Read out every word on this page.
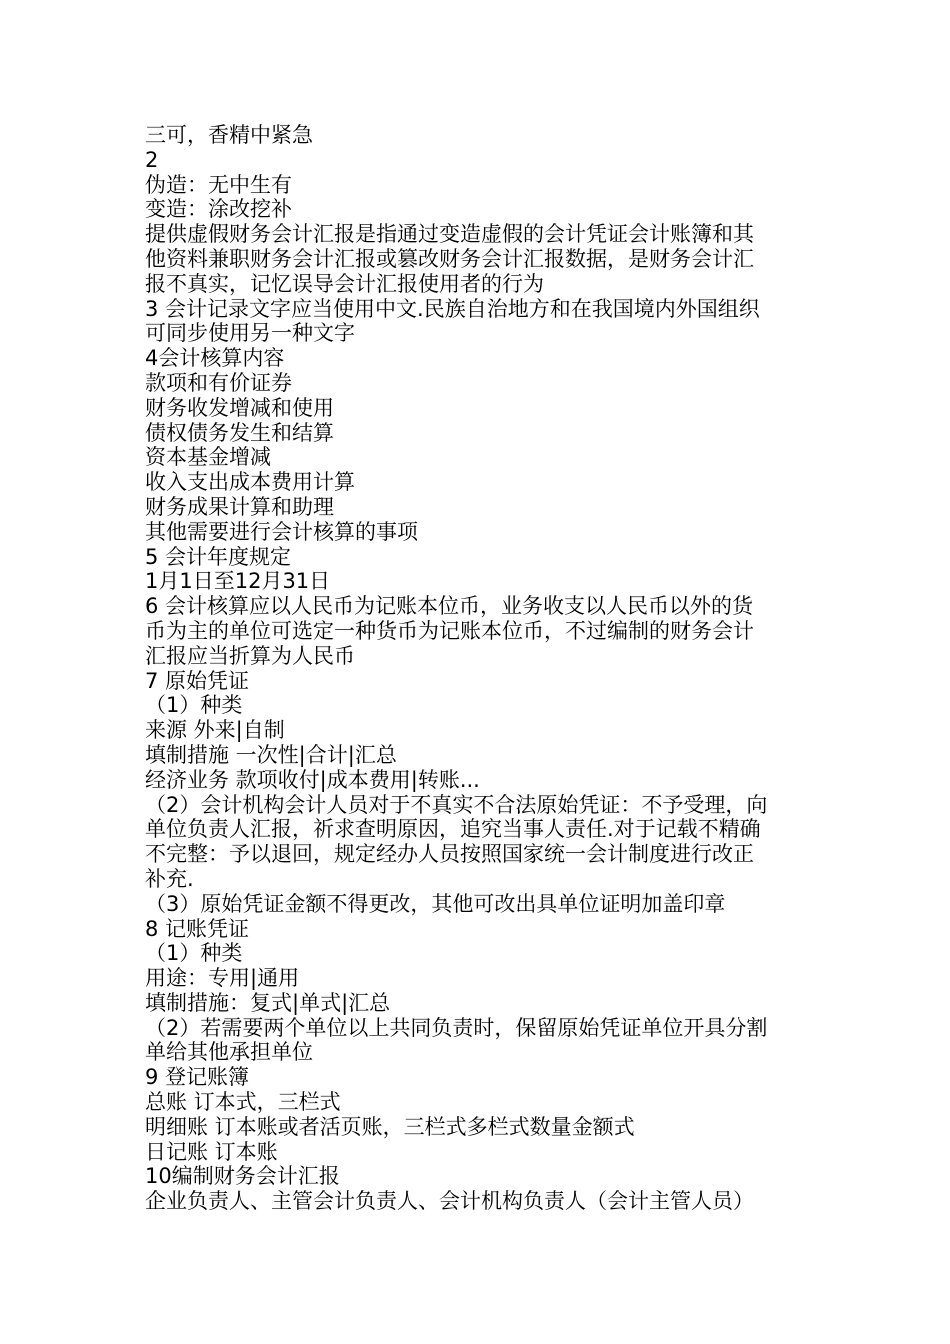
三可，香精中紧急
2
伪造：无中生有
变造：涂改挖补
提供虚假财务会计汇报是指通过变造虚假的会计凭证会计账簿和其
他资料兼职财务会计汇报或篡改财务会计汇报数据，是财务会计汇
报不真实，记忆误导会计汇报使用者的行为
3 会计记录文字应当使用中文.民族自治地方和在我国境内外国组织
可同步使用另一种文字
4会计核算内容
款项和有价证券
财务收发增减和使用
债权债务发生和结算
资本基金增减
收入支出成本费用计算
财务成果计算和助理
其他需要进行会计核算的事项
5 会计年度规定
1月1日至12月31日
6 会计核算应以人民币为记账本位币，业务收支以人民币以外的货
币为主的单位可选定一种货币为记账本位币，不过编制的财务会计
汇报应当折算为人民币
7 原始凭证
（1）种类
来源 外来|自制
填制措施 一次性|合计|汇总
经济业务 款项收付|成本费用|转账...
（2）会计机构会计人员对于不真实不合法原始凭证：不予受理，向
单位负责人汇报，祈求查明原因，追究当事人责任.对于记载不精确
不完整：予以退回，规定经办人员按照国家统一会计制度进行改正
补充.
（3）原始凭证金额不得更改，其他可改出具单位证明加盖印章
8 记账凭证
（1）种类
用途：专用|通用
填制措施：复式|单式|汇总
（2）若需要两个单位以上共同负责时，保留原始凭证单位开具分割
单给其他承担单位
9 登记账簿
总账 订本式，三栏式
明细账 订本账或者活页账，三栏式多栏式数量金额式
日记账 订本账
10编制财务会计汇报
企业负责人、主管会计负责人、会计机构负责人（会计主管人员）
